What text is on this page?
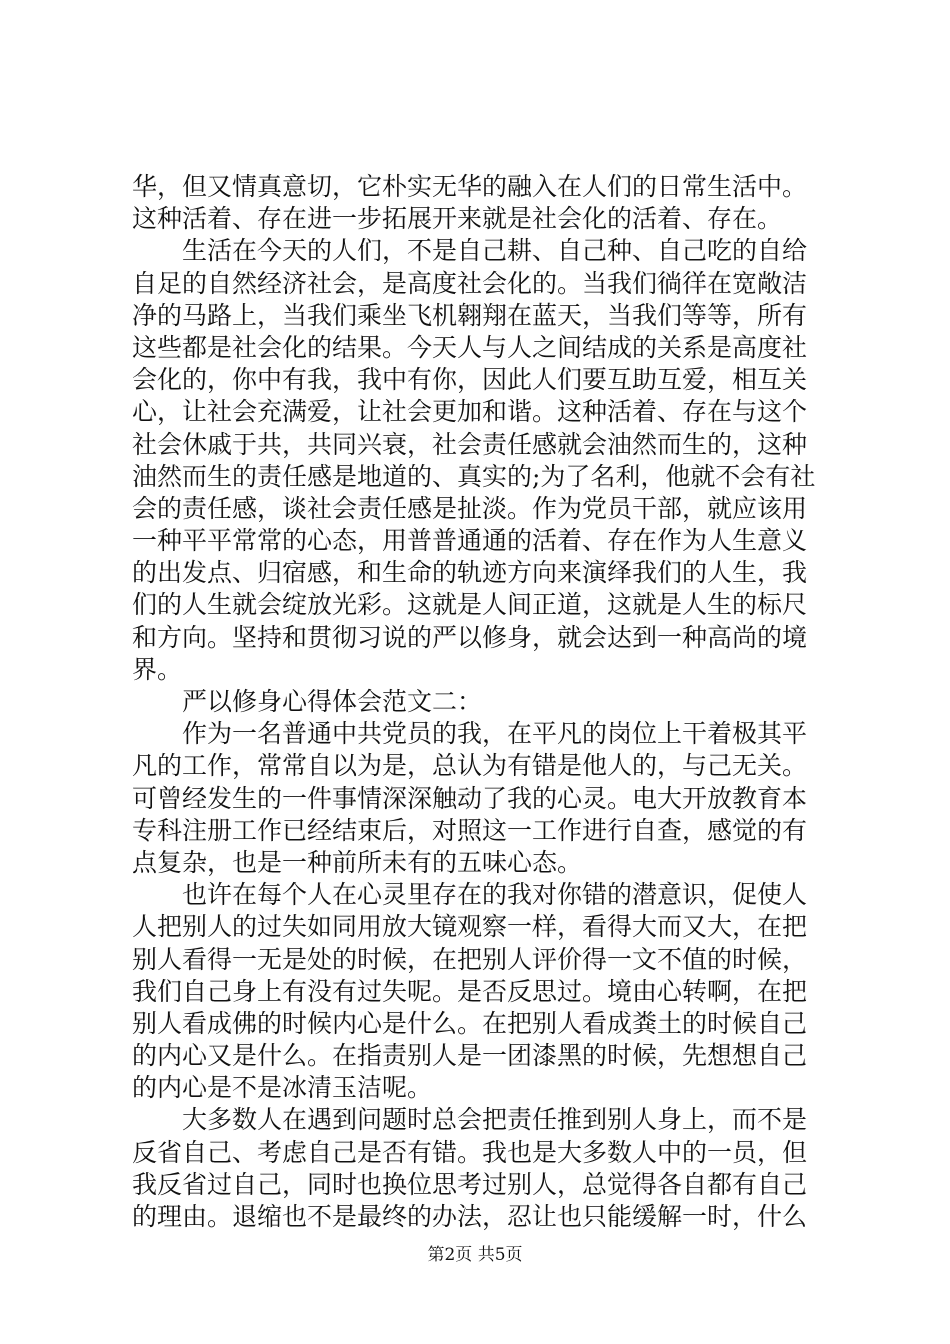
华，但又情真意切，它朴实无华的融入在人们的日常生活中。
这种活着、存在进一步拓展开来就是社会化的活着、存在。
　　生活在今天的人们，不是自己耕、自己种、自己吃的自给
自足的自然经济社会，是高度社会化的。当我们徜徉在宽敞洁
净的马路上，当我们乘坐飞机翱翔在蓝天，当我们等等，所有
这些都是社会化的结果。今天人与人之间结成的关系是高度社
会化的，你中有我，我中有你，因此人们要互助互爱，相互关
心，让社会充满爱，让社会更加和谐。这种活着、存在与这个
社会休戚于共，共同兴衰，社会责任感就会油然而生的，这种
油然而生的责任感是地道的、真实的;为了名利，他就不会有社
会的责任感，谈社会责任感是扯淡。作为党员干部，就应该用
一种平平常常的心态，用普普通通的活着、存在作为人生意义
的出发点、归宿感，和生命的轨迹方向来演绎我们的人生，我
们的人生就会绽放光彩。这就是人间正道，这就是人生的标尺
和方向。坚持和贯彻习说的严以修身，就会达到一种高尚的境
界。
　　严以修身心得体会范文二：
　　作为一名普通中共党员的我，在平凡的岗位上干着极其平
凡的工作，常常自以为是，总认为有错是他人的，与己无关。
可曾经发生的一件事情深深触动了我的心灵。电大开放教育本
专科注册工作已经结束后，对照这一工作进行自查，感觉的有
点复杂，也是一种前所未有的五味心态。
　　也许在每个人在心灵里存在的我对你错的潜意识，促使人
人把别人的过失如同用放大镜观察一样，看得大而又大，在把
别人看得一无是处的时候，在把别人评价得一文不值的时候，
我们自己身上有没有过失呢。是否反思过。境由心转啊，在把
别人看成佛的时候内心是什么。在把别人看成粪土的时候自己
的内心又是什么。在指责别人是一团漆黑的时候，先想想自己
的内心是不是冰清玉洁呢。
　　大多数人在遇到问题时总会把责任推到别人身上，而不是
反省自己、考虑自己是否有错。我也是大多数人中的一员，但
我反省过自己，同时也换位思考过别人，总觉得各自都有自己
的理由。退缩也不是最终的办法，忍让也只能缓解一时，什么
第2页 共5页
